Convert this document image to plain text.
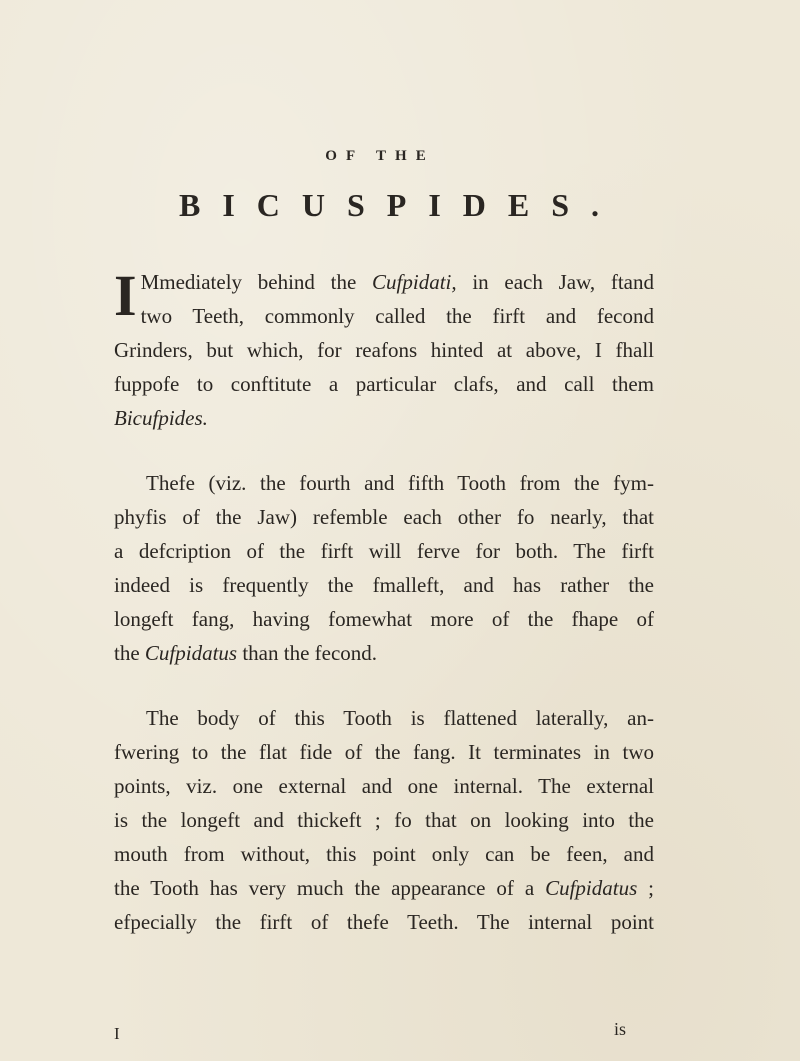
OF THE
BICUSPIDES.
I Mmediately behind the Cufpidati, in each Jaw, ftand
two Teeth, commonly called the firft and fecond
Grinders, but which, for reafons hinted at above, I fhall
fuppofe to conftitute a particular clafs, and call them
Bicufpides.
Thefe (viz. the fourth and fifth Tooth from the fym-
phyfis of the Jaw) refemble each other fo nearly, that
a defcription of the firft will ferve for both. The firft
indeed is frequently the fmalleft, and has rather the
longeft fang, having fomewhat more of the fhape of
the Cufpidatus than the fecond.
The body of this Tooth is flattened laterally, an-
fwering to the flat fide of the fang. It terminates in two
points, viz. one external and one internal. The external
is the longeft and thickeft ; fo that on looking into the
mouth from without, this point only can be feen, and
the Tooth has very much the appearance of a Cufpidatus ;
efpecially the firft of thefe Teeth. The internal point
I	is
